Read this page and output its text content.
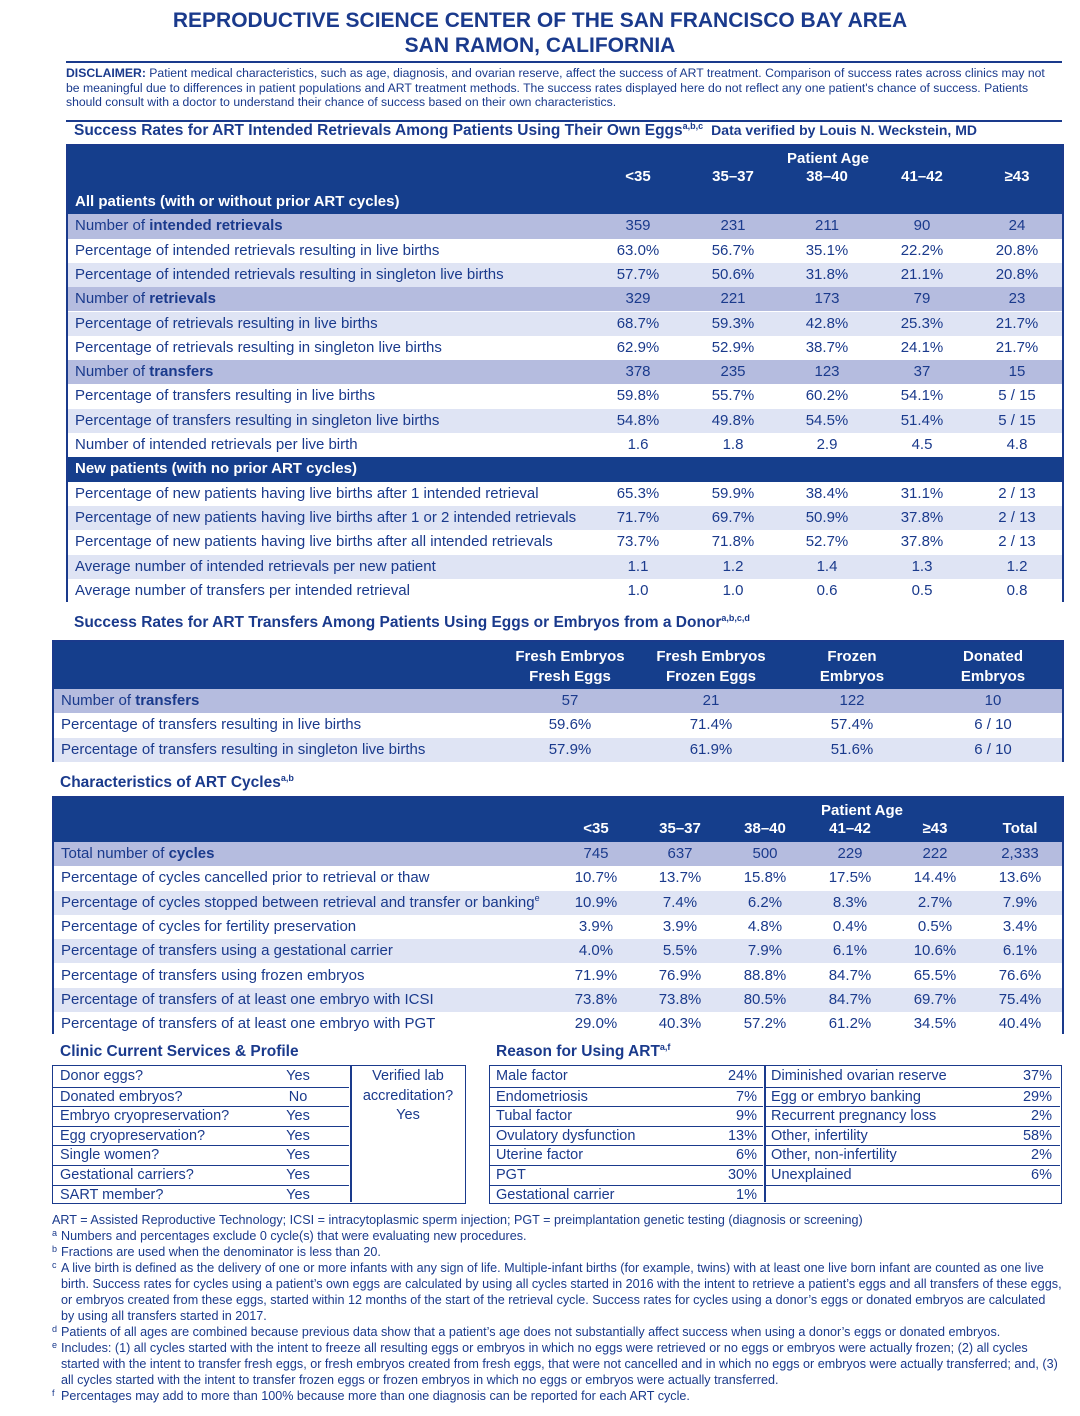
REPRODUCTIVE SCIENCE CENTER OF THE SAN FRANCISCO BAY AREA
SAN RAMON, CALIFORNIA
DISCLAIMER: Patient medical characteristics, such as age, diagnosis, and ovarian reserve, affect the success of ART treatment. Comparison of success rates across clinics may not be meaningful due to differences in patient populations and ART treatment methods. The success rates displayed here do not reflect any one patient's chance of success. Patients should consult with a doctor to understand their chance of success based on their own characteristics.
Success Rates for ART Intended Retrievals Among Patients Using Their Own Eggs$^{a,b,c}$ Data verified by Louis N. Weckstein, MD
Patient Age
<35	35–37	38–40	41–42	≥43
All patients (with or without prior ART cycles)
Number of intended retrievals	359	231	211	90	24
Percentage of intended retrievals resulting in live births	63.0%	56.7%	35.1%	22.2%	20.8%
Percentage of intended retrievals resulting in singleton live births	57.7%	50.6%	31.8%	21.1%	20.8%
Number of retrievals	329	221	173	79	23
Percentage of retrievals resulting in live births	68.7%	59.3%	42.8%	25.3%	21.7%
Percentage of retrievals resulting in singleton live births	62.9%	52.9%	38.7%	24.1%	21.7%
Number of transfers	378	235	123	37	15
Percentage of transfers resulting in live births	59.8%	55.7%	60.2%	54.1%	5 / 15
Percentage of transfers resulting in singleton live births	54.8%	49.8%	54.5%	51.4%	5 / 15
Number of intended retrievals per live birth	1.6	1.8	2.9	4.5	4.8
New patients (with no prior ART cycles)
Percentage of new patients having live births after 1 intended retrieval	65.3%	59.9%	38.4%	31.1%	2 / 13
Percentage of new patients having live births after 1 or 2 intended retrievals	71.7%	69.7%	50.9%	37.8%	2 / 13
Percentage of new patients having live births after all intended retrievals	73.7%	71.8%	52.7%	37.8%	2 / 13
Average number of intended retrievals per new patient	1.1	1.2	1.4	1.3	1.2
Average number of transfers per intended retrieval	1.0	1.0	0.6	0.5	0.8
Success Rates for ART Transfers Among Patients Using Eggs or Embryos from a Donor$^{a,b,c,d}$
Fresh Embryos
Fresh Eggs
Fresh Embryos
Frozen Eggs
Frozen
Embryos
Donated
Embryos
Number of transfers	57	21	122	10
Percentage of transfers resulting in live births	59.6%	71.4%	57.4%	6 / 10
Percentage of transfers resulting in singleton live births	57.9%	61.9%	51.6%	6 / 10
Characteristics of ART Cycles$^{a,b}$
Patient Age
<35	35–37	38–40	41–42	≥43	Total
Total number of cycles	745	637	500	229	222	2,333
Percentage of cycles cancelled prior to retrieval or thaw	10.7%	13.7%	15.8%	17.5%	14.4%	13.6%
Percentage of cycles stopped between retrieval and transfer or banking$^e$	10.9%	7.4%	6.2%	8.3%	2.7%	7.9%
Percentage of cycles for fertility preservation	3.9%	3.9%	4.8%	0.4%	0.5%	3.4%
Percentage of transfers using a gestational carrier	4.0%	5.5%	7.9%	6.1%	10.6%	6.1%
Percentage of transfers using frozen embryos	71.9%	76.9%	88.8%	84.7%	65.5%	76.6%
Percentage of transfers of at least one embryo with ICSI	73.8%	73.8%	80.5%	84.7%	69.7%	75.4%
Percentage of transfers of at least one embryo with PGT	29.0%	40.3%	57.2%	61.2%	34.5%	40.4%
Clinic Current Services & Profile
Donor eggs?	Yes
Donated embryos?	No
Embryo cryopreservation?	Yes
Egg cryopreservation?	Yes
Single women?	Yes
Gestational carriers?	Yes
SART member?	Yes
Verified lab
accreditation?
Yes
Reason for Using ART$^{a,f}$
Male factor	24%
Endometriosis	7%
Tubal factor	9%
Ovulatory dysfunction	13%
Uterine factor	6%
PGT	30%
Gestational carrier	1%
Diminished ovarian reserve	37%
Egg or embryo banking	29%
Recurrent pregnancy loss	2%
Other, infertility	58%
Other, non-infertility	2%
Unexplained	6%
ART = Assisted Reproductive Technology; ICSI = intracytoplasmic sperm injection; PGT = preimplantation genetic testing (diagnosis or screening)

a Numbers and percentages exclude 0 cycle(s) that were evaluating new procedures.

b Fractions are used when the denominator is less than 20.

c A live birth is defined as the delivery of one or more infants with any sign of life. Multiple-infant births (for example, twins) with at least one live born infant are counted as one live birth. Success rates for cycles using a patient’s own eggs are calculated by using all cycles started in 2016 with the intent to retrieve a patient’s eggs and all transfers of these eggs, or embryos created from these eggs, started within 12 months of the start of the retrieval cycle. Success rates for cycles using a donor’s eggs or donated embryos are calculated by using all transfers started in 2017.

d Patients of all ages are combined because previous data show that a patient’s age does not substantially affect success when using a donor’s eggs or donated embryos.

e Includes: (1) all cycles started with the intent to freeze all resulting eggs or embryos in which no eggs were retrieved or no eggs or embryos were actually frozen; (2) all cycles started with the intent to transfer fresh eggs, or fresh embryos created from fresh eggs, that were not cancelled and in which no eggs or embryos were actually transferred; and, (3) all cycles started with the intent to transfer frozen eggs or frozen embryos in which no eggs or embryos were actually transferred.

f Percentages may add to more than 100% because more than one diagnosis can be reported for each ART cycle.
